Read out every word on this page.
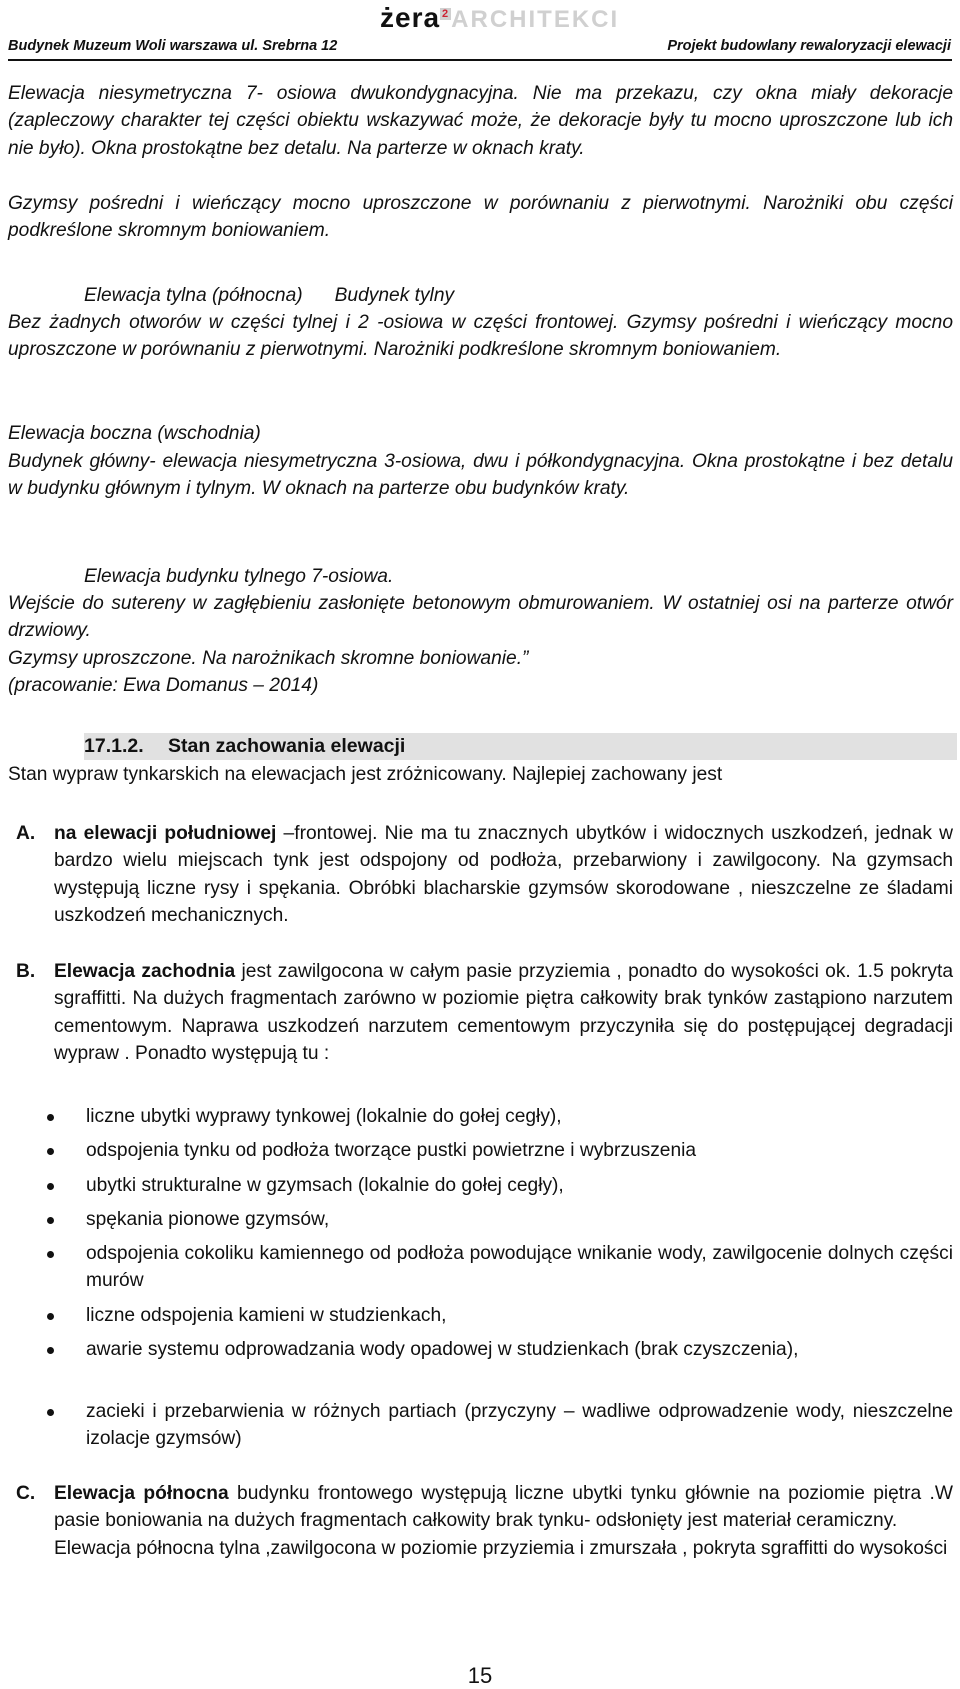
żera 2ARCHITEKCI
Budynek Muzeum Woli warszawa ul. Srebrna 12	Projekt budowlany rewaloryzacji elewacji

Elewacja niesymetryczna 7- osiowa dwukondygnacyjna. Nie ma przekazu, czy okna miały dekoracje (zapleczowy charakter tej części obiektu wskazywać może, że dekoracje były tu mocno uproszczone lub ich nie było). Okna prostokątne bez detalu. Na parterze w oknach kraty.

Gzymsy pośredni i wieńczący mocno uproszczone w porównaniu z pierwotnymi. Narożniki obu części podkreślone skromnym boniowaniem.

Elewacja tylna (północna)      Budynek tylny

Bez żadnych otworów w części tylnej i 2 -osiowa w części frontowej. Gzymsy pośredni i wieńczący mocno uproszczone w porównaniu z pierwotnymi. Narożniki podkreślone skromnym boniowaniem.

Elewacja boczna (wschodnia)

Budynek główny- elewacja niesymetryczna 3-osiowa, dwu i półkondygnacyjna. Okna prostokątne i bez detalu w budynku głównym i tylnym. W oknach na parterze obu budynków kraty.

Elewacja budynku tylnego 7-osiowa.

Wejście do sutereny w zagłębieniu zasłonięte betonowym obmurowaniem. W ostatniej osi na parterze otwór drzwiowy.

Gzymsy uproszczone. Na narożnikach skromne boniowanie.”

(pracowanie: Ewa Domanus – 2014)

17.1.2. Stan zachowania elewacji

Stan wypraw tynkarskich na elewacjach jest zróżnicowany. Najlepiej zachowany jest

A. na elewacji południowej –frontowej. Nie ma tu znacznych ubytków i widocznych uszkodzeń, jednak w bardzo wielu miejscach tynk jest odspojony od podłoża, przebarwiony i zawilgocony. Na gzymsach występują liczne rysy i spękania. Obróbki blacharskie gzymsów skorodowane , nieszczelne ze śladami uszkodzeń mechanicznych.
B. Elewacja zachodnia jest zawilgocona w całym pasie przyziemia , ponadto do wysokości ok. 1.5 pokryta sgraffitti. Na dużych fragmentach zarówno w poziomie piętra całkowity brak tynków zastąpiono narzutem cementowym. Naprawa uszkodzeń narzutem cementowym przyczyniła się do postępującej degradacji wypraw . Ponadto występują tu :
liczne ubytki wyprawy tynkowej (lokalnie do gołej cegły),
odspojenia tynku od podłoża tworzące pustki powietrzne i wybrzuszenia
ubytki strukturalne w gzymsach (lokalnie do gołej cegły),
spękania pionowe gzymsów,
odspojenia cokoliku kamiennego od podłoża powodujące wnikanie wody, zawilgocenie dolnych części murów
liczne odspojenia kamieni w studzienkach,
awarie systemu odprowadzania wody opadowej w studzienkach (brak czyszczenia),
zacieki i przebarwienia w różnych partiach (przyczyny – wadliwe odprowadzenie wody, nieszczelne izolacje gzymsów)
C. Elewacja północna budynku frontowego występują liczne ubytki tynku głównie na poziomie piętra .W pasie boniowania na dużych fragmentach całkowity brak tynku- odsłonięty jest materiał ceramiczny.
Elewacja północna tylna ,zawilgocona w poziomie przyziemia i zmurszała , pokryta sgraffitti do wysokości
15
